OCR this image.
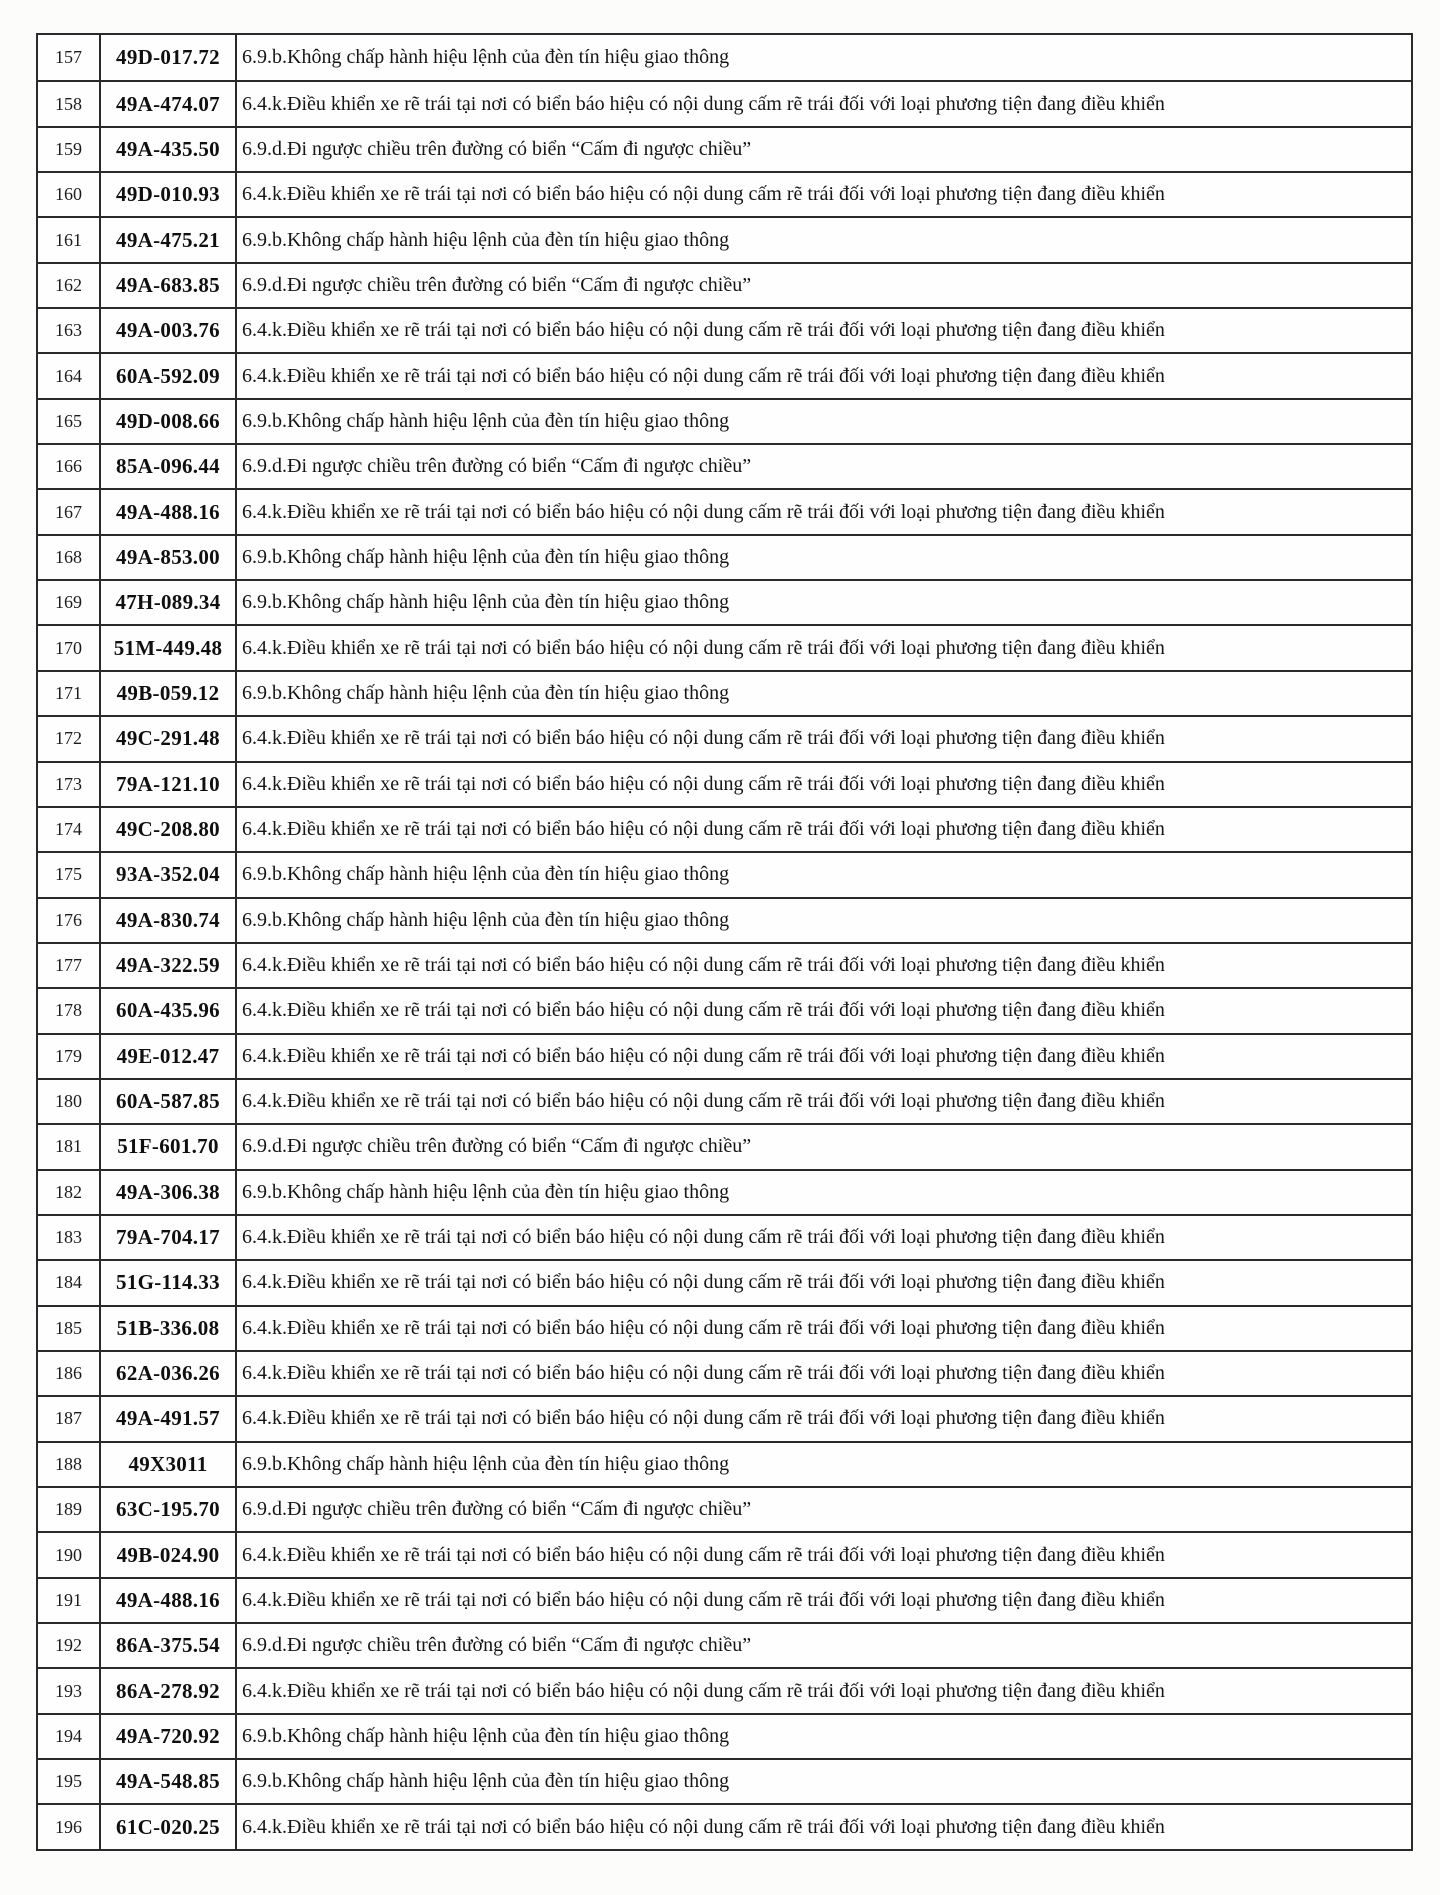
157	49D-017.72	6.9.b.Không chấp hành hiệu lệnh của đèn tín hiệu giao thông
158	49A-474.07	6.4.k.Điều khiển xe rẽ trái tại nơi có biển báo hiệu có nội dung cấm rẽ trái đối với loại phương tiện đang điều khiển
159	49A-435.50	6.9.d.Đi ngược chiều trên đường có biển “Cấm đi ngược chiều”
160	49D-010.93	6.4.k.Điều khiển xe rẽ trái tại nơi có biển báo hiệu có nội dung cấm rẽ trái đối với loại phương tiện đang điều khiển
161	49A-475.21	6.9.b.Không chấp hành hiệu lệnh của đèn tín hiệu giao thông
162	49A-683.85	6.9.d.Đi ngược chiều trên đường có biển “Cấm đi ngược chiều”
163	49A-003.76	6.4.k.Điều khiển xe rẽ trái tại nơi có biển báo hiệu có nội dung cấm rẽ trái đối với loại phương tiện đang điều khiển
164	60A-592.09	6.4.k.Điều khiển xe rẽ trái tại nơi có biển báo hiệu có nội dung cấm rẽ trái đối với loại phương tiện đang điều khiển
165	49D-008.66	6.9.b.Không chấp hành hiệu lệnh của đèn tín hiệu giao thông
166	85A-096.44	6.9.d.Đi ngược chiều trên đường có biển “Cấm đi ngược chiều”
167	49A-488.16	6.4.k.Điều khiển xe rẽ trái tại nơi có biển báo hiệu có nội dung cấm rẽ trái đối với loại phương tiện đang điều khiển
168	49A-853.00	6.9.b.Không chấp hành hiệu lệnh của đèn tín hiệu giao thông
169	47H-089.34	6.9.b.Không chấp hành hiệu lệnh của đèn tín hiệu giao thông
170	51M-449.48 6.4.k.Điều khiển xe rẽ trái tại nơi có biển báo hiệu có nội dung cấm rẽ trái đối với loại phương tiện đang điều khiển
171	49B-059.12	6.9.b.Không chấp hành hiệu lệnh của đèn tín hiệu giao thông
172	49C-291.48	6.4.k.Điều khiển xe rẽ trái tại nơi có biển báo hiệu có nội dung cấm rẽ trái đối với loại phương tiện đang điều khiển
173	79A-121.10	6.4.k.Điều khiển xe rẽ trái tại nơi có biển báo hiệu có nội dung cấm rẽ trái đối với loại phương tiện đang điều khiển
174	49C-208.80	6.4.k.Điều khiển xe rẽ trái tại nơi có biển báo hiệu có nội dung cấm rẽ trái đối với loại phương tiện đang điều khiển
175	93A-352.04	6.9.b.Không chấp hành hiệu lệnh của đèn tín hiệu giao thông
176	49A-830.74	6.9.b.Không chấp hành hiệu lệnh của đèn tín hiệu giao thông
177	49A-322.59	6.4.k.Điều khiển xe rẽ trái tại nơi có biển báo hiệu có nội dung cấm rẽ trái đối với loại phương tiện đang điều khiển
178	60A-435.96	6.4.k.Điều khiển xe rẽ trái tại nơi có biển báo hiệu có nội dung cấm rẽ trái đối với loại phương tiện đang điều khiển
179	49E-012.47	6.4.k.Điều khiển xe rẽ trái tại nơi có biển báo hiệu có nội dung cấm rẽ trái đối với loại phương tiện đang điều khiển
180	60A-587.85	6.4.k.Điều khiển xe rẽ trái tại nơi có biển báo hiệu có nội dung cấm rẽ trái đối với loại phương tiện đang điều khiển
181	51F-601.70	6.9.d.Đi ngược chiều trên đường có biển “Cấm đi ngược chiều”
182	49A-306.38	6.9.b.Không chấp hành hiệu lệnh của đèn tín hiệu giao thông
183	79A-704.17	6.4.k.Điều khiển xe rẽ trái tại nơi có biển báo hiệu có nội dung cấm rẽ trái đối với loại phương tiện đang điều khiển
184	51G-114.33	6.4.k.Điều khiển xe rẽ trái tại nơi có biển báo hiệu có nội dung cấm rẽ trái đối với loại phương tiện đang điều khiển
185	51B-336.08	6.4.k.Điều khiển xe rẽ trái tại nơi có biển báo hiệu có nội dung cấm rẽ trái đối với loại phương tiện đang điều khiển
186	62A-036.26	6.4.k.Điều khiển xe rẽ trái tại nơi có biển báo hiệu có nội dung cấm rẽ trái đối với loại phương tiện đang điều khiển
187	49A-491.57	6.4.k.Điều khiển xe rẽ trái tại nơi có biển báo hiệu có nội dung cấm rẽ trái đối với loại phương tiện đang điều khiển
188	49X3011	6.9.b.Không chấp hành hiệu lệnh của đèn tín hiệu giao thông
189	63C-195.70	6.9.d.Đi ngược chiều trên đường có biển “Cấm đi ngược chiều”
190	49B-024.90	6.4.k.Điều khiển xe rẽ trái tại nơi có biển báo hiệu có nội dung cấm rẽ trái đối với loại phương tiện đang điều khiển
191	49A-488.16	6.4.k.Điều khiển xe rẽ trái tại nơi có biển báo hiệu có nội dung cấm rẽ trái đối với loại phương tiện đang điều khiển
192	86A-375.54	6.9.d.Đi ngược chiều trên đường có biển “Cấm đi ngược chiều”
193	86A-278.92	6.4.k.Điều khiển xe rẽ trái tại nơi có biển báo hiệu có nội dung cấm rẽ trái đối với loại phương tiện đang điều khiển
194	49A-720.92	6.9.b.Không chấp hành hiệu lệnh của đèn tín hiệu giao thông
195	49A-548.85	6.9.b.Không chấp hành hiệu lệnh của đèn tín hiệu giao thông
196	61C-020.25	6.4.k.Điều khiển xe rẽ trái tại nơi có biển báo hiệu có nội dung cấm rẽ trái đối với loại phương tiện đang điều khiển
